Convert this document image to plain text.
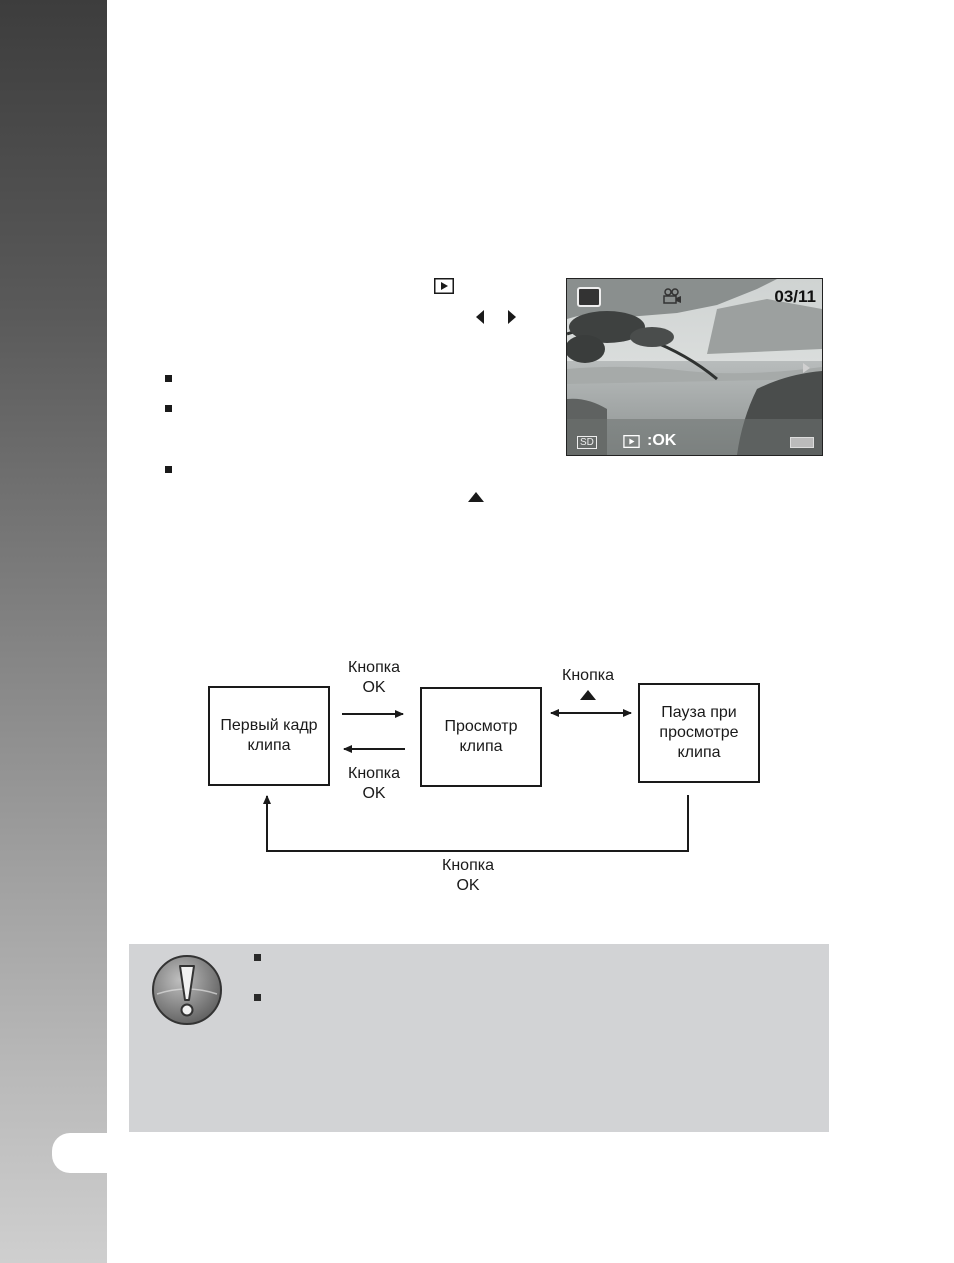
03/11
SD	:OK
Первый кадр клипа
Просмотр клипа
Пауза при просмотре клипа
Кнопка
OK
Кнопка
OK
Кнопка
Кнопка
OK
